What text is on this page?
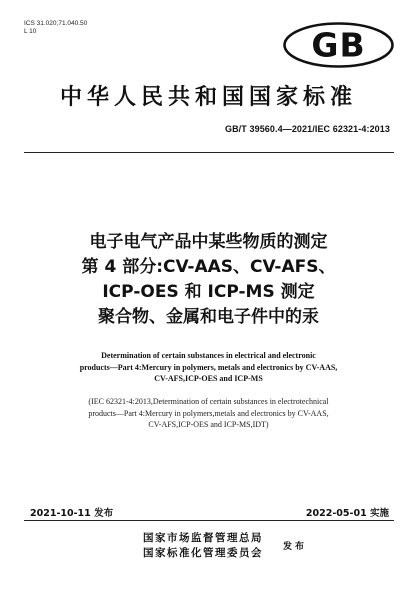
ICS 31.020;71.040.50
L 10	GB
中华人民共和国国家标准
GB/T 39560.4—2021/IEC 62321-4:2013
电子电气产品中某些物质的测定
第 4 部分:CV-AAS、CV-AFS、
ICP-OES 和 ICP-MS 测定
聚合物、金属和电子件中的汞
Determination of certain substances in electrical and electronic
products—Part 4:Mercury in polymers, metals and electronics by CV-AAS,
CV-AFS,ICP-OES and ICP-MS
(IEC 62321-4:2013,Determination of certain substances in electrotechnical
products—Part 4:Mercury in polymers,metals and electronics by CV-AAS,
CV-AFS,ICP-OES and ICP-MS,IDT)
2021-10-11 发布	2022-05-01 实施
国家市场监督管理总局
国家标准化管理委员会 发布
